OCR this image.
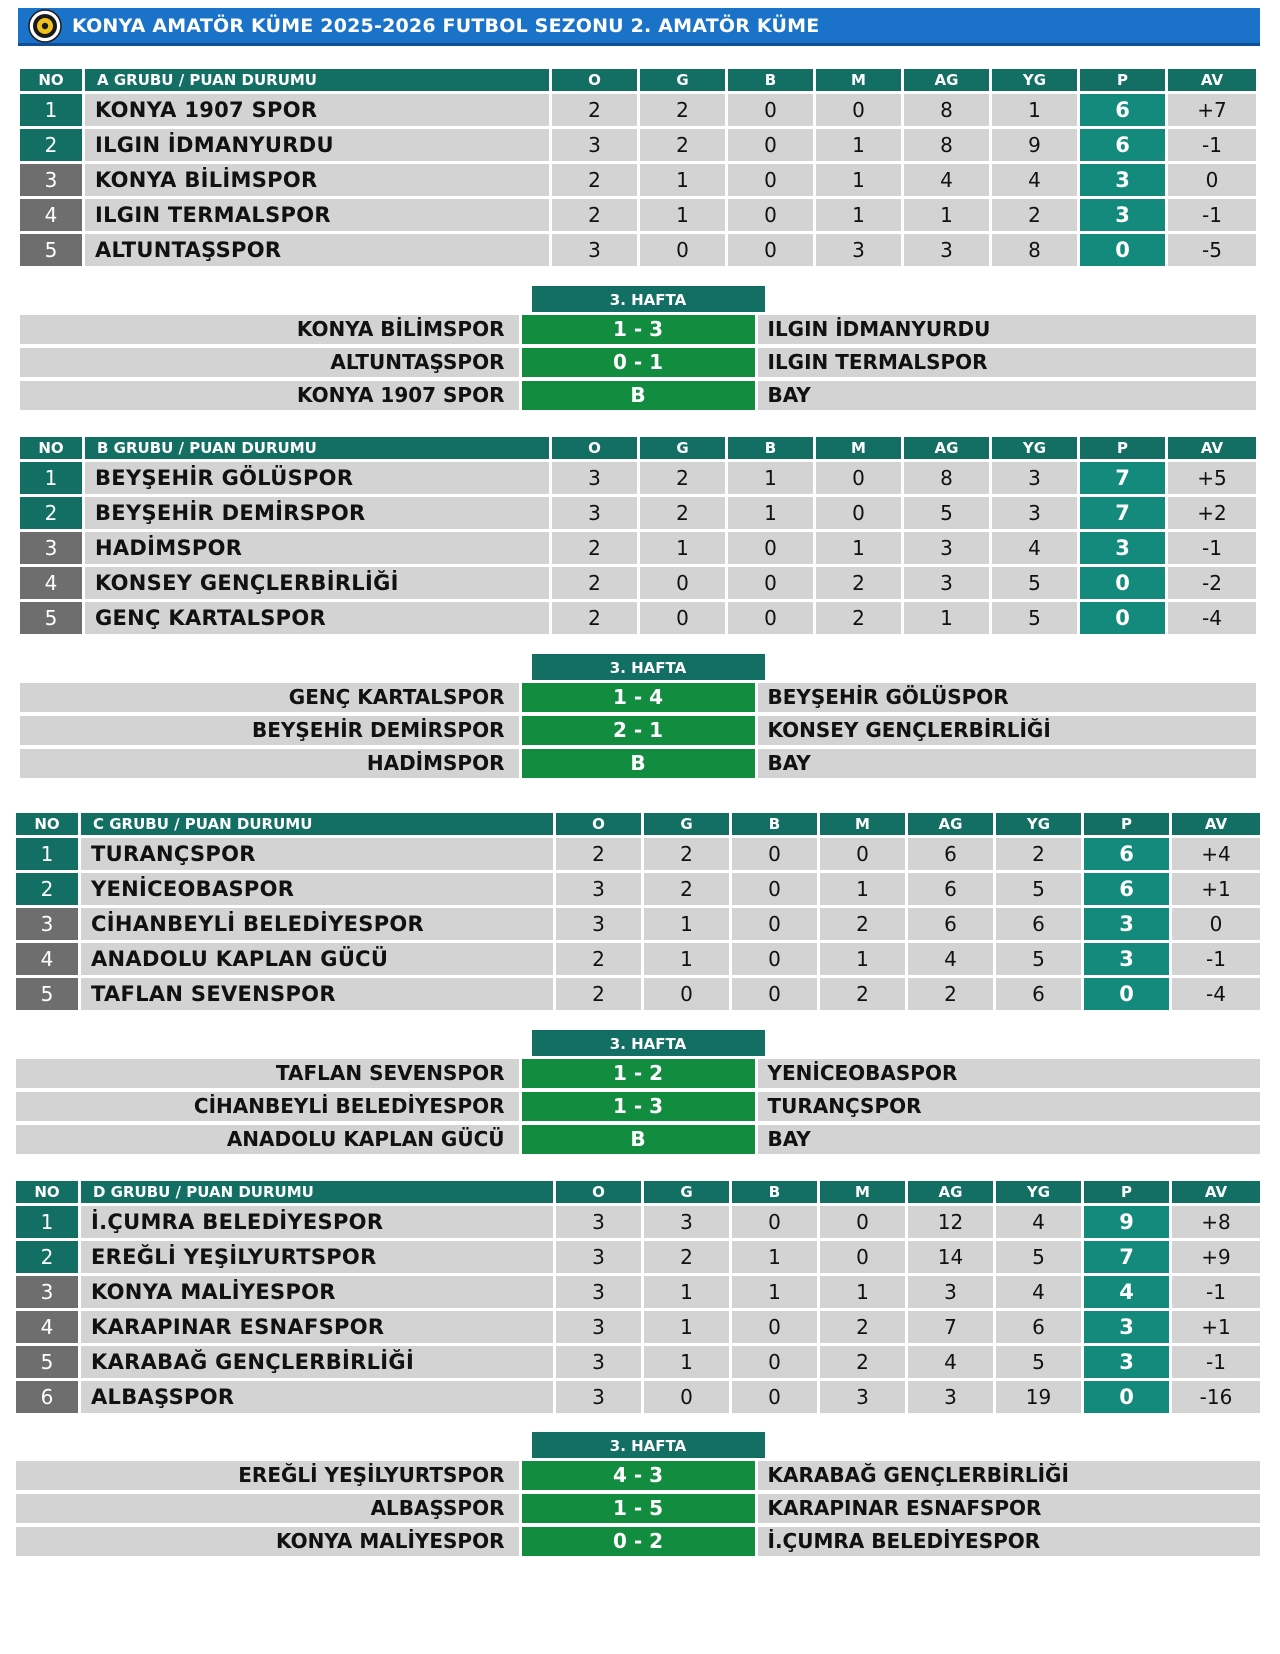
KONYA AMATÖR KÜME 2025-2026 FUTBOL SEZONU 2. AMATÖR KÜME
NO	A GRUBU / PUAN DURUMU	O	G	B	M	AG	YG	P	AV
1	KONYA 1907 SPOR	2	2	0	0	8	1	6	+7
2	ILGIN İDMANYURDU	3	2	0	1	8	9	6	-1
3	KONYA BİLİMSPOR	2	1	0	1	4	4	3	0
4	ILGIN TERMALSPOR	2	1	0	1	1	2	3	-1
5	ALTUNTAŞSPOR	3	0	0	3	3	8	0	-5
3. HAFTA
KONYA BİLİMSPOR	1 - 3	ILGIN İDMANYURDU
ALTUNTAŞSPOR	0 - 1	ILGIN TERMALSPOR
KONYA 1907 SPOR	B	BAY
NO	B GRUBU / PUAN DURUMU	O	G	B	M	AG	YG	P	AV
1	BEYŞEHİR GÖLÜSPOR	3	2	1	0	8	3	7	+5
2	BEYŞEHİR DEMİRSPOR	3	2	1	0	5	3	7	+2
3	HADİMSPOR	2	1	0	1	3	4	3	-1
4	KONSEY GENÇLERBİRLİĞİ	2	0	0	2	3	5	0	-2
5	GENÇ KARTALSPOR	2	0	0	2	1	5	0	-4
3. HAFTA
GENÇ KARTALSPOR	1 - 4	BEYŞEHİR GÖLÜSPOR
BEYŞEHİR DEMİRSPOR	2 - 1	KONSEY GENÇLERBİRLİĞİ
HADİMSPOR	B	BAY
NO	C GRUBU / PUAN DURUMU	O	G	B	M	AG	YG	P	AV
1	TURANÇSPOR	2	2	0	0	6	2	6	+4
2	YENİCEOBASPOR	3	2	0	1	6	5	6	+1
3	CİHANBEYLİ BELEDİYESPOR	3	1	0	2	6	6	3	0
4	ANADOLU KAPLAN GÜCÜ	2	1	0	1	4	5	3	-1
5	TAFLAN SEVENSPOR	2	0	0	2	2	6	0	-4
3. HAFTA
TAFLAN SEVENSPOR	1 - 2	YENİCEOBASPOR
CİHANBEYLİ BELEDİYESPOR	1 - 3	TURANÇSPOR
ANADOLU KAPLAN GÜCÜ	B	BAY
NO	D GRUBU / PUAN DURUMU	O	G	B	M	AG	YG	P	AV
1	İ.ÇUMRA BELEDİYESPOR	3	3	0	0	12	4	9	+8
2	EREĞLİ YEŞİLYURTSPOR	3	2	1	0	14	5	7	+9
3	KONYA MALİYESPOR	3	1	1	1	3	4	4	-1
4	KARAPINAR ESNAFSPOR	3	1	0	2	7	6	3	+1
5	KARABAĞ GENÇLERBİRLİĞİ	3	1	0	2	4	5	3	-1
6	ALBAŞSPOR	3	0	0	3	3	19	0	-16
3. HAFTA
EREĞLİ YEŞİLYURTSPOR	4 - 3	KARABAĞ GENÇLERBİRLİĞİ
ALBAŞSPOR	1 - 5	KARAPINAR ESNAFSPOR
KONYA MALİYESPOR	0 - 2	İ.ÇUMRA BELEDİYESPOR
